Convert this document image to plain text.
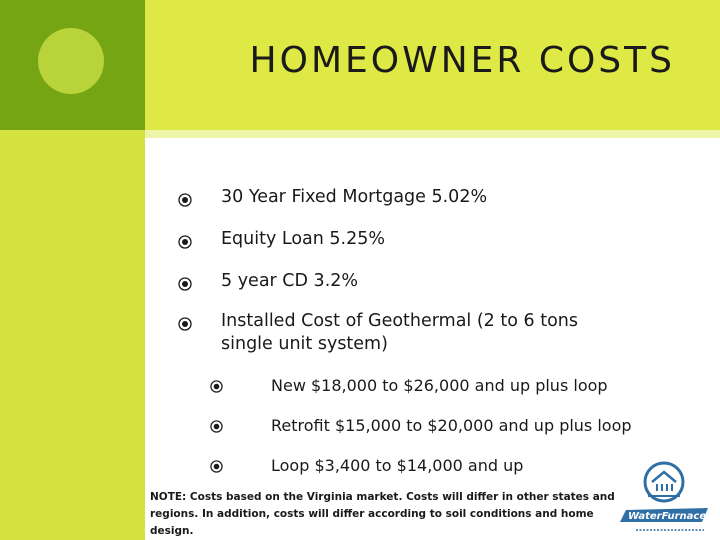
HOMEOWNER COSTS
30 Year Fixed Mortgage 5.02%
Equity Loan 5.25%
5 year CD 3.2%
Installed Cost of Geothermal (2 to 6 tons single unit system)
New $18,000 to $26,000 and up plus loop
Retrofit $15,000 to $20,000 and up plus loop
Loop $3,400 to $14,000 and up
NOTE: Costs based on the Virginia market. Costs will differ in other states and regions. In addition, costs will differ according to soil conditions and home design.
WaterFurnace
